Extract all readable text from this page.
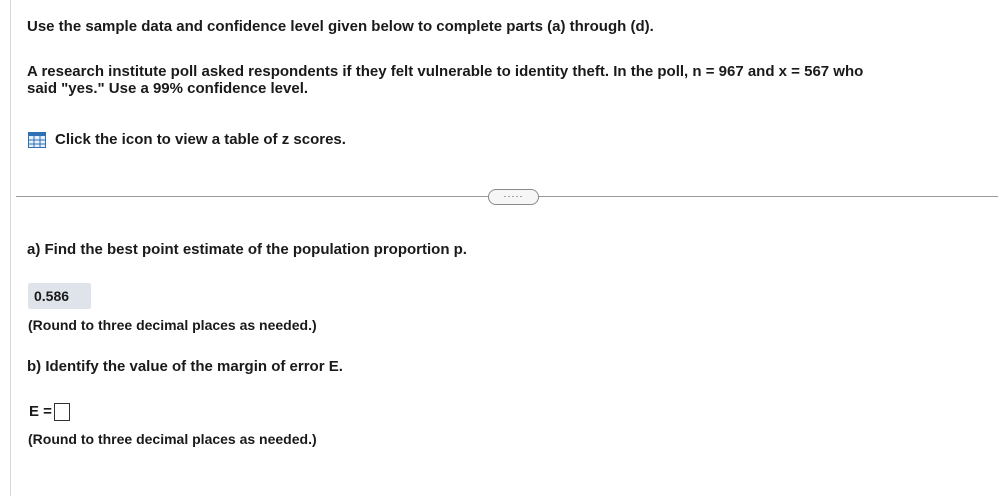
Use the sample data and confidence level given below to complete parts (a) through (d).
A research institute poll asked respondents if they felt vulnerable to identity theft. In the poll, n = 967 and x = 567 who
said "yes." Use a 99% confidence level.
Click the icon to view a table of z scores.
·····
a) Find the best point estimate of the population proportion p.
0.586
(Round to three decimal places as needed.)
b) Identify the value of the margin of error E.
E =
(Round to three decimal places as needed.)
